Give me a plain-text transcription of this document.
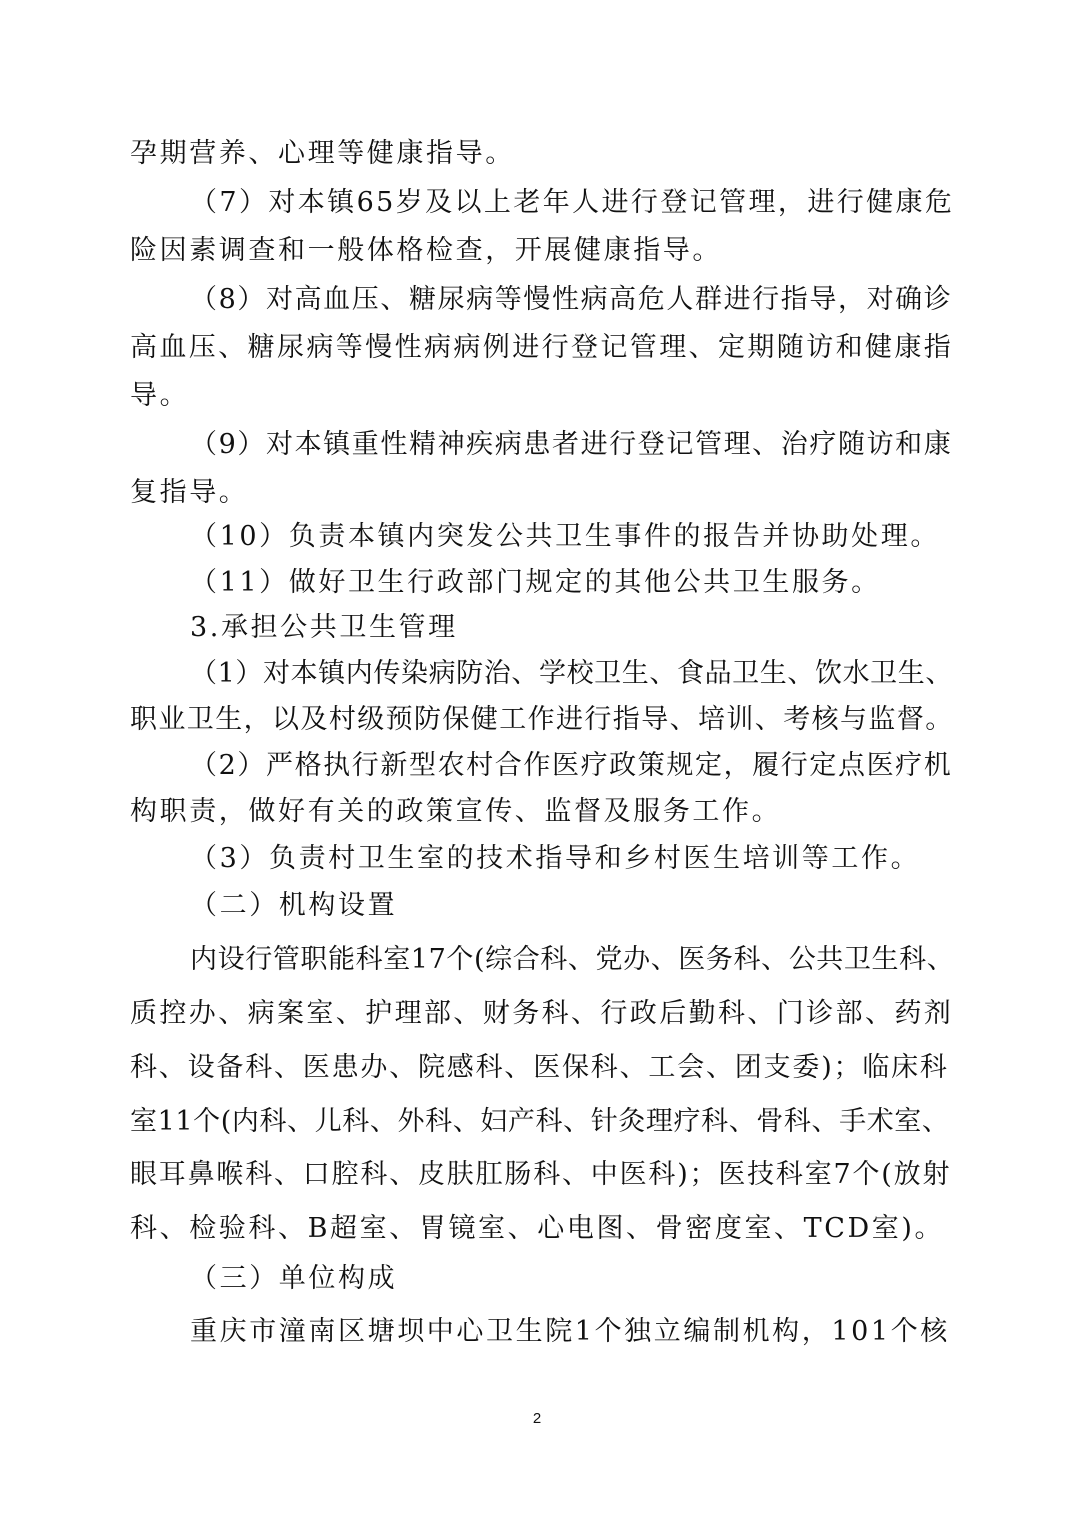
孕期营养、心理等健康指导。
（7）对本镇65岁及以上老年人进行登记管理，进行健康危
险因素调查和一般体格检查，开展健康指导。
（8）对高血压、糖尿病等慢性病高危人群进行指导，对确诊
高血压、糖尿病等慢性病病例进行登记管理、定期随访和健康指
导。
（9）对本镇重性精神疾病患者进行登记管理、治疗随访和康
复指导。
（10）负责本镇内突发公共卫生事件的报告并协助处理。
（11）做好卫生行政部门规定的其他公共卫生服务。
3.承担公共卫生管理
（1）对本镇内传染病防治、学校卫生、食品卫生、饮水卫生、
职业卫生，以及村级预防保健工作进行指导、培训、考核与监督。
（2）严格执行新型农村合作医疗政策规定，履行定点医疗机
构职责，做好有关的政策宣传、监督及服务工作。
（3）负责村卫生室的技术指导和乡村医生培训等工作。
（二）机构设置
内设行管职能科室17个(综合科、党办、医务科、公共卫生科、
质控办、病案室、护理部、财务科、行政后勤科、门诊部、药剂
科、设备科、医患办、院感科、医保科、工会、团支委)；临床科
室11个(内科、儿科、外科、妇产科、针灸理疗科、骨科、手术室、
眼耳鼻喉科、口腔科、皮肤肛肠科、中医科)；医技科室7个(放射
科、检验科、B超室、胃镜室、心电图、骨密度室、TCD室)。
（三）单位构成
重庆市潼南区塘坝中心卫生院1个独立编制机构，101个核
2
